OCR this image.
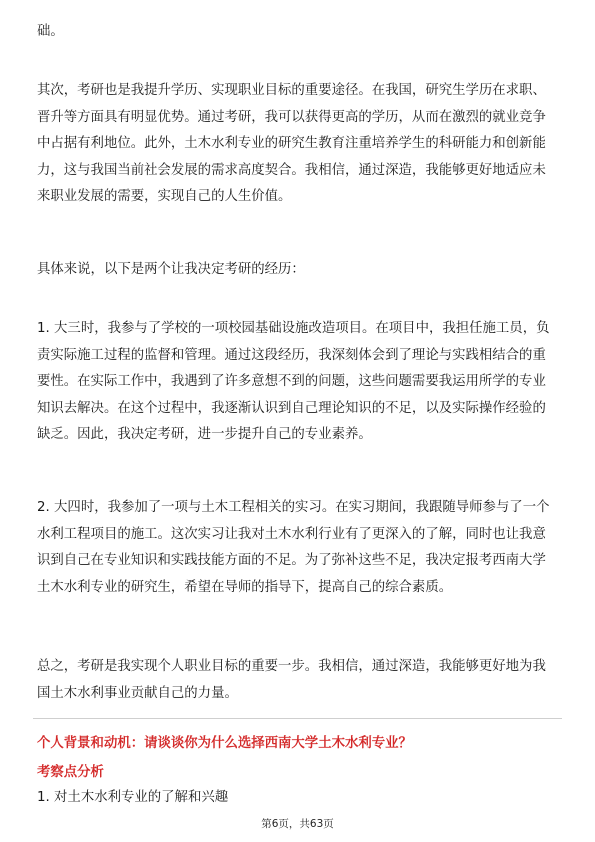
础。

其次，考研也是我提升学历、实现职业目标的重要途径。在我国，研究生学历在求职、晋升等方面具有明显优势。通过考研，我可以获得更高的学历，从而在激烈的就业竞争中占据有利地位。此外，土木水利专业的研究生教育注重培养学生的科研能力和创新能力，这与我国当前社会发展的需求高度契合。我相信，通过深造，我能够更好地适应未来职业发展的需要，实现自己的人生价值。

具体来说，以下是两个让我决定考研的经历：

1. 大三时，我参与了学校的一项校园基础设施改造项目。在项目中，我担任施工员，负责实际施工过程的监督和管理。通过这段经历，我深刻体会到了理论与实践相结合的重要性。在实际工作中，我遇到了许多意想不到的问题，这些问题需要我运用所学的专业知识去解决。在这个过程中，我逐渐认识到自己理论知识的不足，以及实际操作经验的缺乏。因此，我决定考研，进一步提升自己的专业素养。

2. 大四时，我参加了一项与土木工程相关的实习。在实习期间，我跟随导师参与了一个水利工程项目的施工。这次实习让我对土木水利行业有了更深入的了解，同时也让我意识到自己在专业知识和实践技能方面的不足。为了弥补这些不足，我决定报考西南大学土木水利专业的研究生，希望在导师的指导下，提高自己的综合素质。

总之，考研是我实现个人职业目标的重要一步。我相信，通过深造，我能够更好地为我国土木水利事业贡献自己的力量。

个人背景和动机：请谈谈你为什么选择西南大学土木水利专业？

考察点分析

1. 对土木水利专业的了解和兴趣

第6页，共63页
